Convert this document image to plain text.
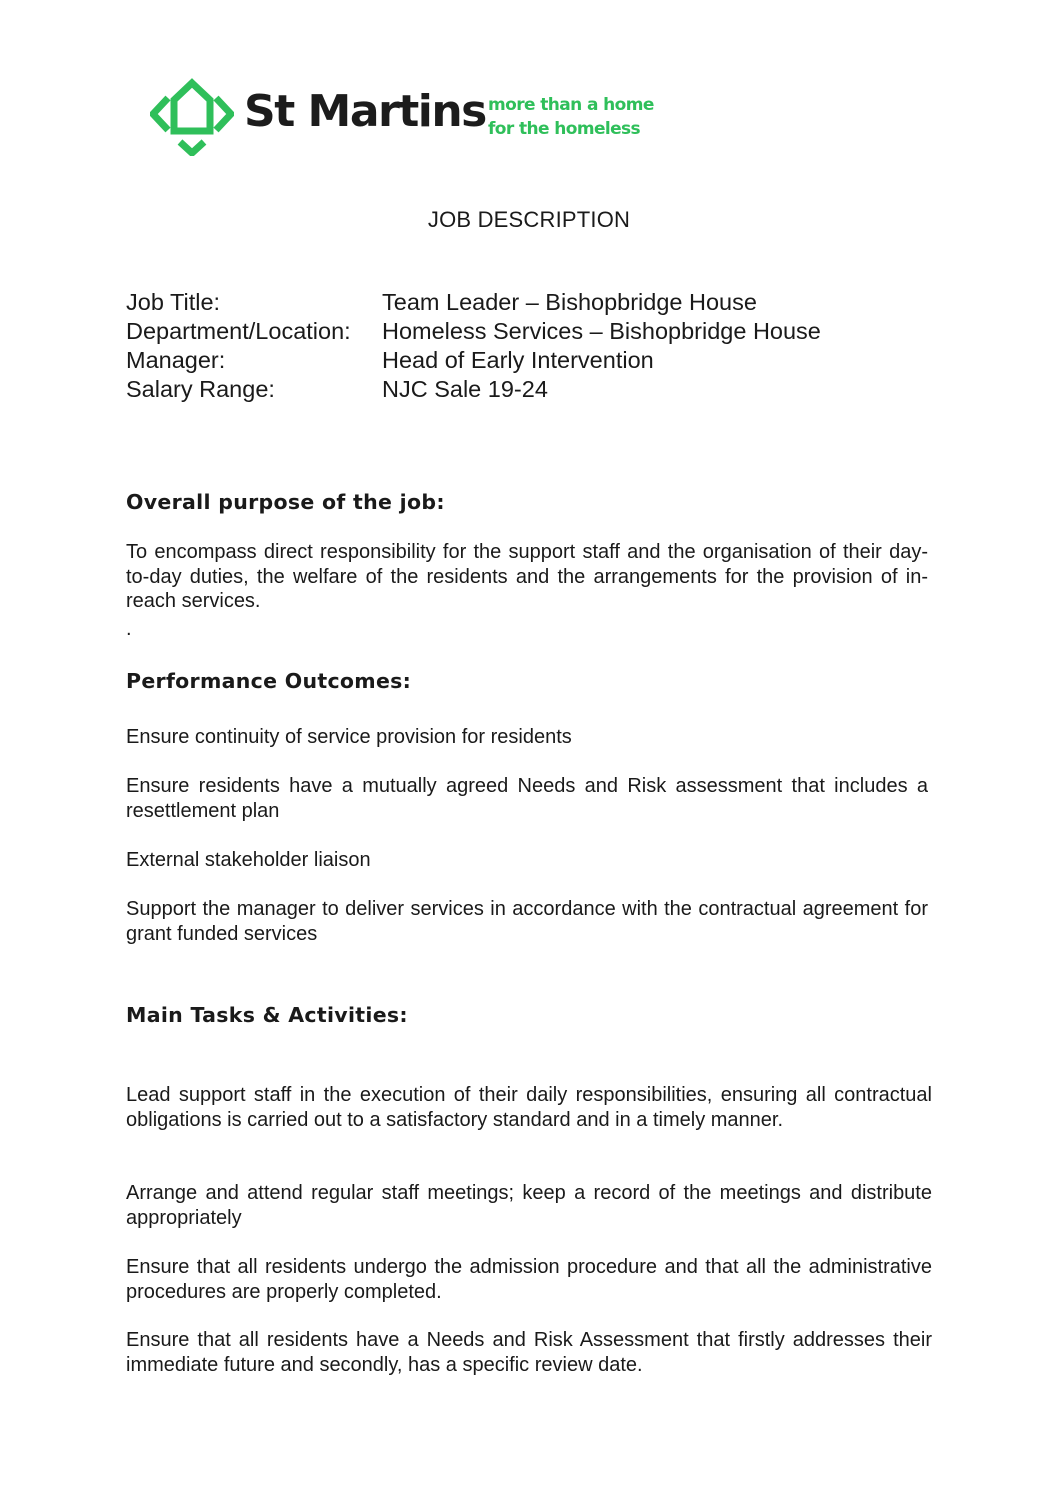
St Martins more than a home
for the homeless
JOB DESCRIPTION
Job Title:	Team Leader – Bishopbridge House
Department/Location:	Homeless Services – Bishopbridge House
Manager:	Head of Early Intervention
Salary Range:	NJC Sale 19-24
Overall purpose of the job:

To encompass direct responsibility for the support staff and the organisation of their day-to-day duties, the welfare of the residents and the arrangements for the provision of in-reach services.

.

Performance Outcomes:

Ensure continuity of service provision for residents

Ensure residents have a mutually agreed Needs and Risk assessment that includes a resettlement plan

External stakeholder liaison

Support the manager to deliver services in accordance with the contractual agreement for grant funded services

Main Tasks & Activities:

Lead support staff in the execution of their daily responsibilities, ensuring all contractual obligations is carried out to a satisfactory standard and in a timely manner.

Arrange and attend regular staff meetings; keep a record of the meetings and distribute appropriately

Ensure that all residents undergo the admission procedure and that all the administrative procedures are properly completed.

Ensure that all residents have a Needs and Risk Assessment that firstly addresses their immediate future and secondly, has a specific review date.
